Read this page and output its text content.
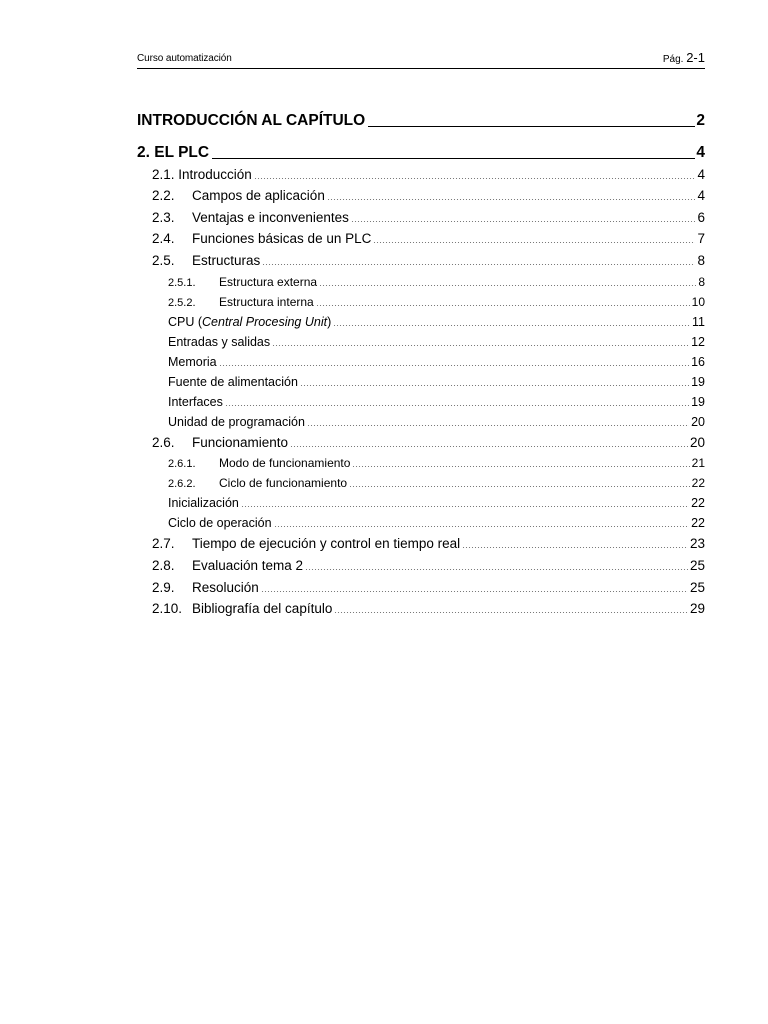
Curso automatización	Pág. 2-1
INTRODUCCIÓN AL CAPÍTULO	2
2. EL PLC	4
2.1. Introducción	4
2.2. Campos de aplicación	4
2.3. Ventajas e inconvenientes	6
2.4. Funciones básicas de un PLC	7
2.5. Estructuras	8
2.5.1. Estructura externa	8
2.5.2. Estructura interna	10
CPU (Central Procesing Unit)	11
Entradas y salidas	12
Memoria	16
Fuente de alimentación	19
Interfaces	19
Unidad de programación	20
2.6. Funcionamiento	20
2.6.1. Modo de funcionamiento	21
2.6.2. Ciclo de funcionamiento	22
Inicialización	22
Ciclo de operación	22
2.7. Tiempo de ejecución y control en tiempo real	23
2.8. Evaluación tema 2	25
2.9. Resolución	25
2.10. Bibliografía del capítulo	29
